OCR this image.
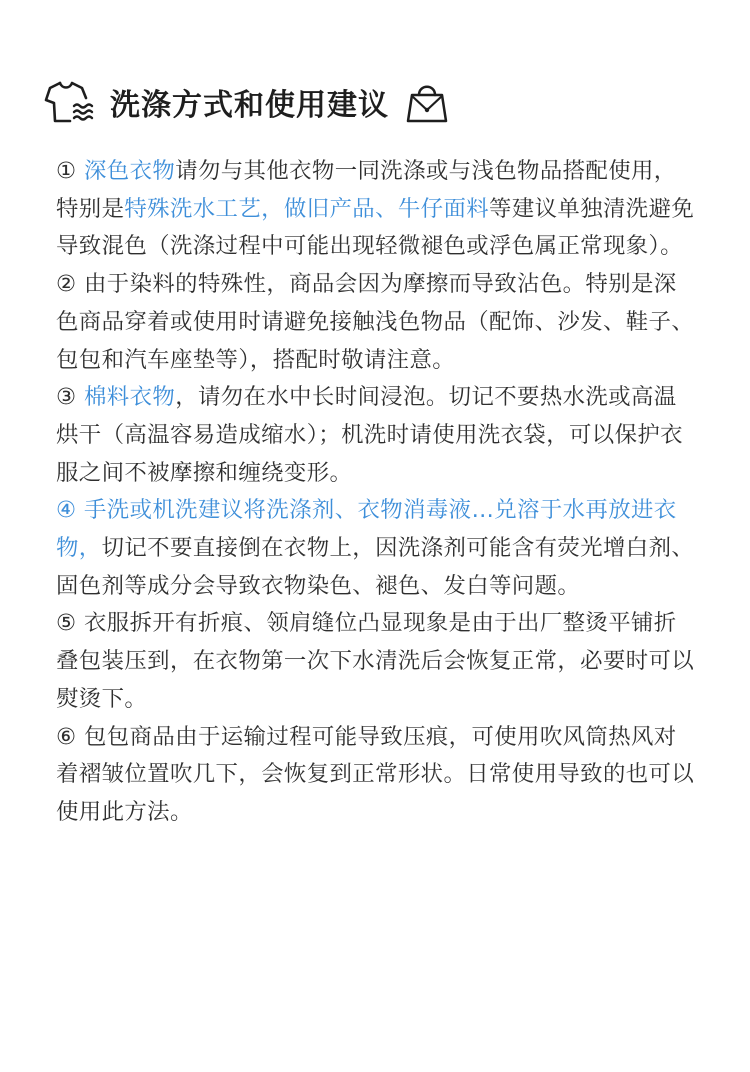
洗涤方式和使用建议

① 深色衣物请勿与其他衣物一同洗涤或与浅色物品搭配使用，特别是特殊洗水工艺，做旧产品、牛仔面料等建议单独清洗避免导致混色（洗涤过程中可能出现轻微褪色或浮色属正常现象）。

② 由于染料的特殊性，商品会因为摩擦而导致沾色。特别是深色商品穿着或使用时请避免接触浅色物品（配饰、沙发、鞋子、包包和汽车座垫等），搭配时敬请注意。

③ 棉料衣物，请勿在水中长时间浸泡。切记不要热水洗或高温烘干（高温容易造成缩水）；机洗时请使用洗衣袋，可以保护衣服之间不被摩擦和缠绕变形。

④ 手洗或机洗建议将洗涤剂、衣物消毒液…兑溶于水再放进衣物，切记不要直接倒在衣物上，因洗涤剂可能含有荧光增白剂、固色剂等成分会导致衣物染色、褪色、发白等问题。

⑤ 衣服拆开有折痕、领肩缝位凸显现象是由于出厂整烫平铺折叠包装压到，在衣物第一次下水清洗后会恢复正常，必要时可以熨烫下。

⑥ 包包商品由于运输过程可能导致压痕，可使用吹风筒热风对着褶皱位置吹几下，会恢复到正常形状。日常使用导致的也可以使用此方法。
